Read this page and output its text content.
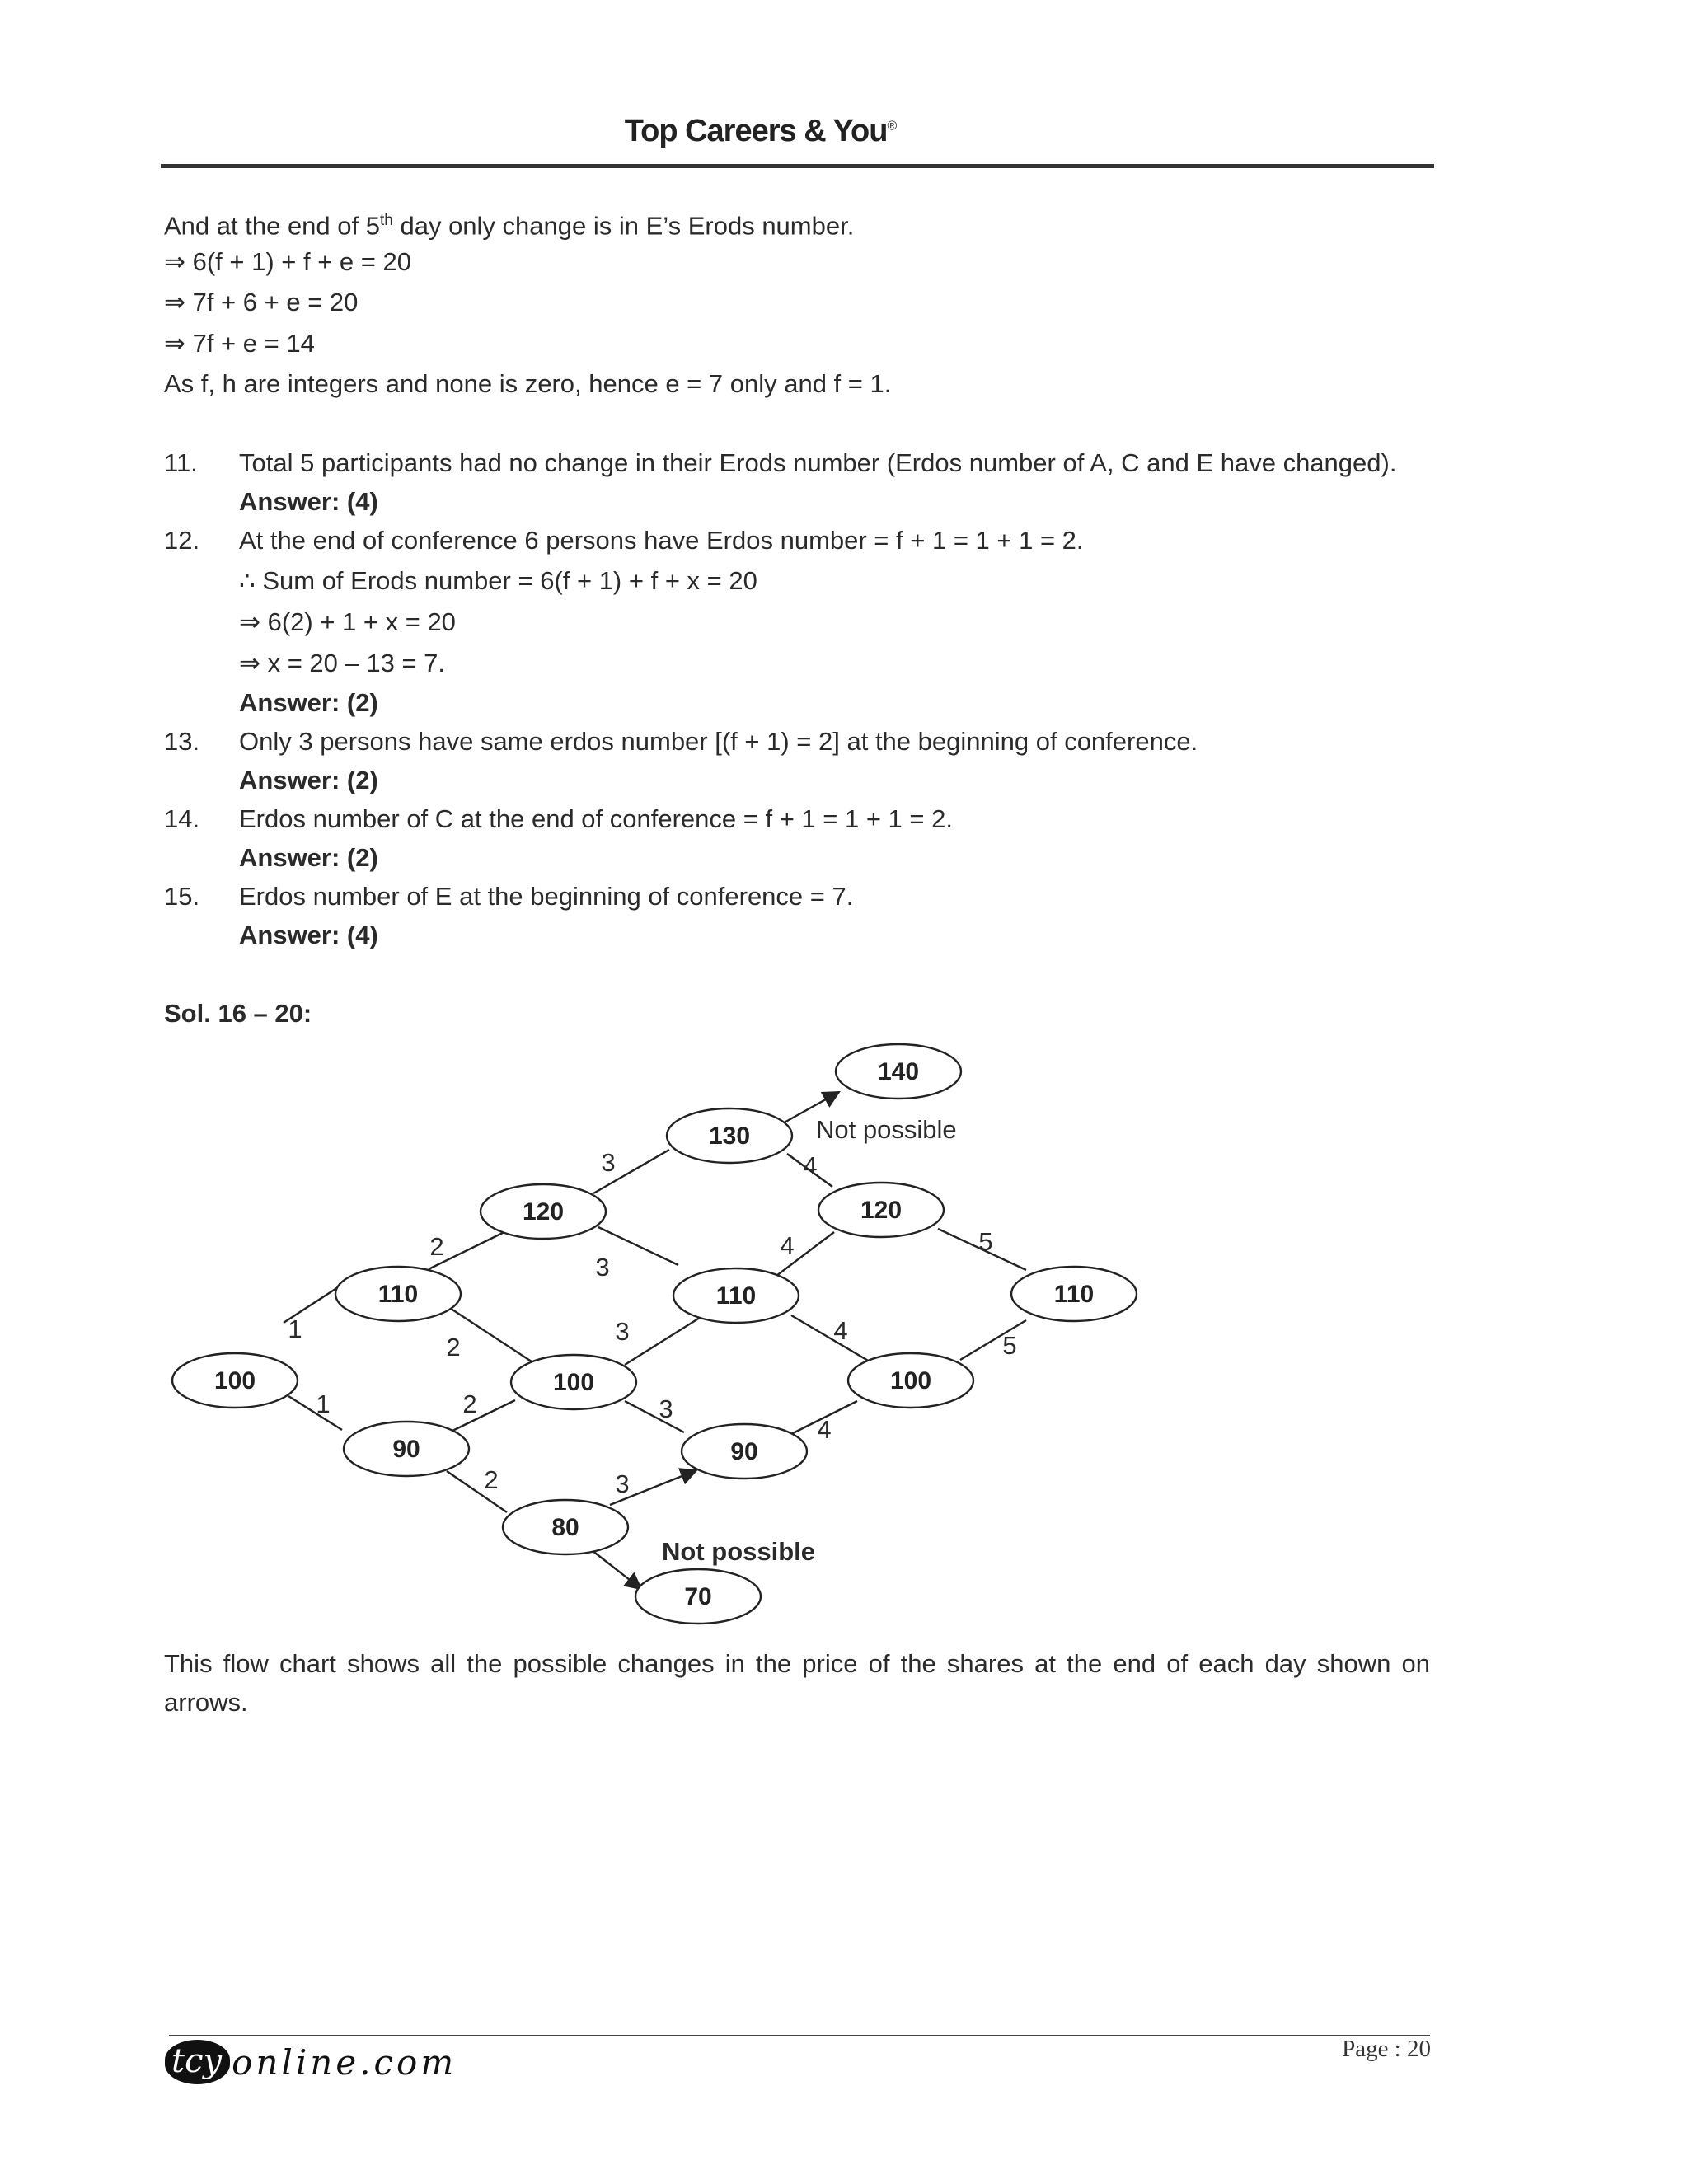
Top Careers & You®
And at the end of 5th day only change is in E’s Erods number.
⇒ 6(f + 1) + f + e = 20
⇒ 7f + 6 + e = 20
⇒ 7f + e = 14
As f, h are integers and none is zero, hence e = 7 only and f = 1.
11. Total 5 participants had no change in their Erods number (Erdos number of A, C and E have changed).
Answer: (4)
12. At the end of conference 6 persons have Erdos number = f + 1 = 1 + 1 = 2.
∴ Sum of Erods number = 6(f + 1) + f + x = 20
⇒ 6(2) + 1 + x = 20
⇒ x = 20 – 13 = 7.
Answer: (2)
13. Only 3 persons have same erdos number [(f + 1) = 2] at the beginning of conference.
Answer: (2)
14. Erdos number of C at the end of conference = f + 1 = 1 + 1 = 2.
Answer: (2)
15. Erdos number of E at the beginning of conference = 7.
Answer: (4)
Sol. 16 – 20:
140
130
120	120
110	110	110
100	100	100
90	90
80
70
3	4
2
3
4	5
1
2
3	4
5
1	2	3
4
2	3
Not possible
Not possible
This flow chart shows all the possible changes in the price of the shares at the end of each day shown on arrows.
tcy online.com	Page : 20
